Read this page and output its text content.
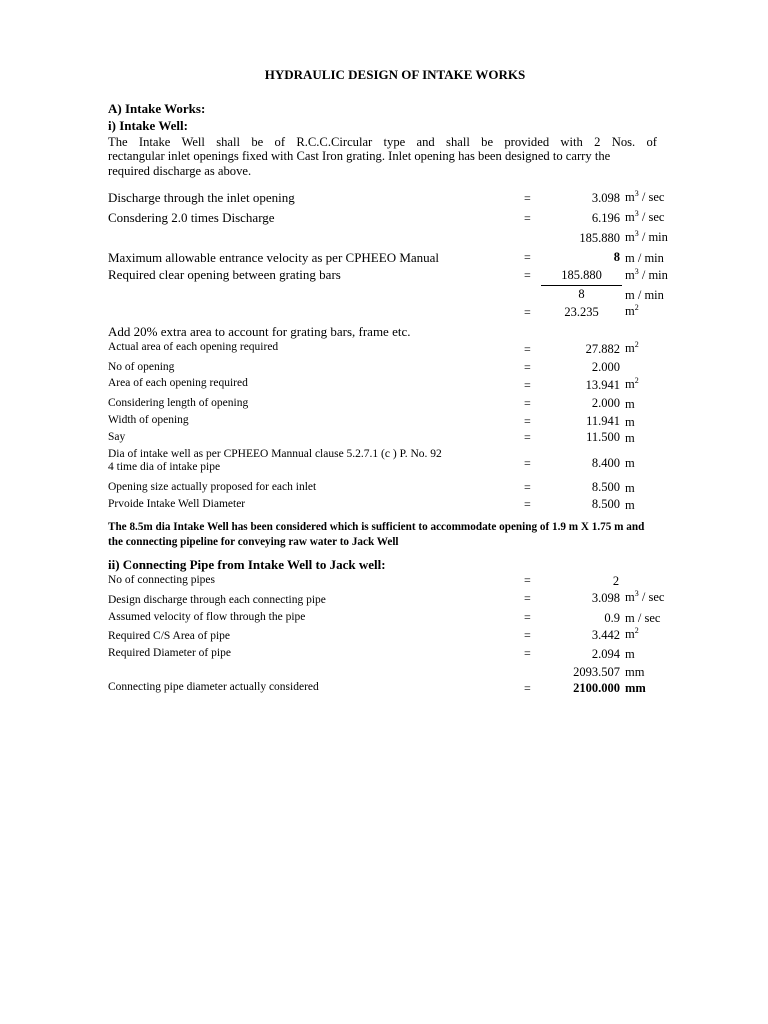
HYDRAULIC DESIGN OF INTAKE WORKS
A) Intake Works:
i) Intake Well:
The Intake Well shall be of R.C.C.Circular type and shall be provided with 2 Nos. of
rectangular inlet openings fixed with Cast Iron grating. Inlet opening has been designed to carry the
required discharge as above.
Discharge through the inlet opening	=	3.098 $m^3$ / sec
Consdering 2.0 times Discharge	=	6.196 $m^3$ / sec
185.880 $m^3$ / min
Maximum allowable entrance velocity as per CPHEEO Manual	=	8 m / min
Required clear opening between grating bars	=	185.880	$m^3$ / min
8	m / min
=	23.235	$m^2$
Add 20% extra area to account for grating bars, frame etc.
Actual area of each opening required	=	27.882 $m^2$
No of opening	=	2.000
Area of each opening required	=	13.941 $m^2$
Considering length of opening	=	2.000 m
Width of opening	=	11.941 m
Say	=	11.500 m
Dia of intake well as per CPHEEO Mannual clause 5.2.7.1 (c ) P. No. 92
4 time dia of intake pipe	=	8.400 m
Opening size actually proposed for each inlet	=	8.500 m
Prvoide Intake Well Diameter	=	8.500 m
The 8.5m dia Intake Well has been considered which is sufficient to accommodate opening of 1.9 m X 1.75 m and
the connecting pipeline for conveying raw water to Jack Well
ii) Connecting Pipe from Intake Well to Jack well:
No of connecting pipes	=	2
Design discharge through each connecting pipe	=	3.098 $m^3$ / sec
Assumed velocity of flow through the pipe	=	0.9 m / sec
Required C/S Area of pipe	=	3.442 $m^2$
Required Diameter of pipe	=	2.094 m
2093.507 mm
Connecting pipe diameter actually considered	=	2100.000 mm
